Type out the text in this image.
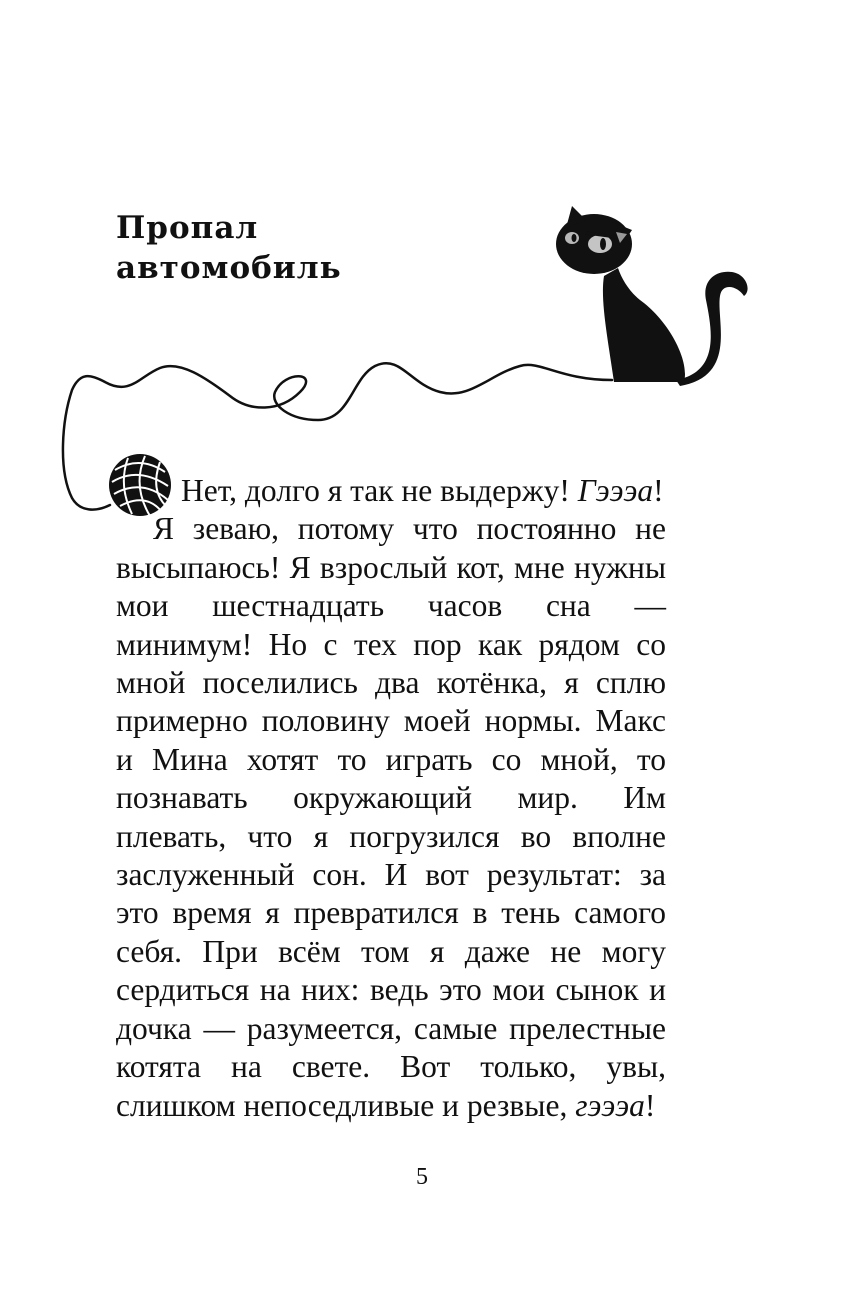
Пропал
автомобиль

Нет, долго я так не выдержу! Гэээа!

Я зеваю, потому что постоянно не высыпаюсь! Я взрослый кот, мне нужны мои шестнадцать часов сна — минимум! Но с тех пор как рядом со мной поселились два котёнка, я сплю примерно половину моей нормы. Макс и Мина хотят то играть со мной, то познавать окружающий мир. Им плевать, что я погрузился во вполне заслуженный сон. И вот результат: за это время я превратился в тень самого себя. При всём том я даже не могу сердиться на них: ведь это мои сынок и дочка — разумеется, самые прелестные котята на свете. Вот только, увы, слишком непоседливые и резвые, гэээа!

5
